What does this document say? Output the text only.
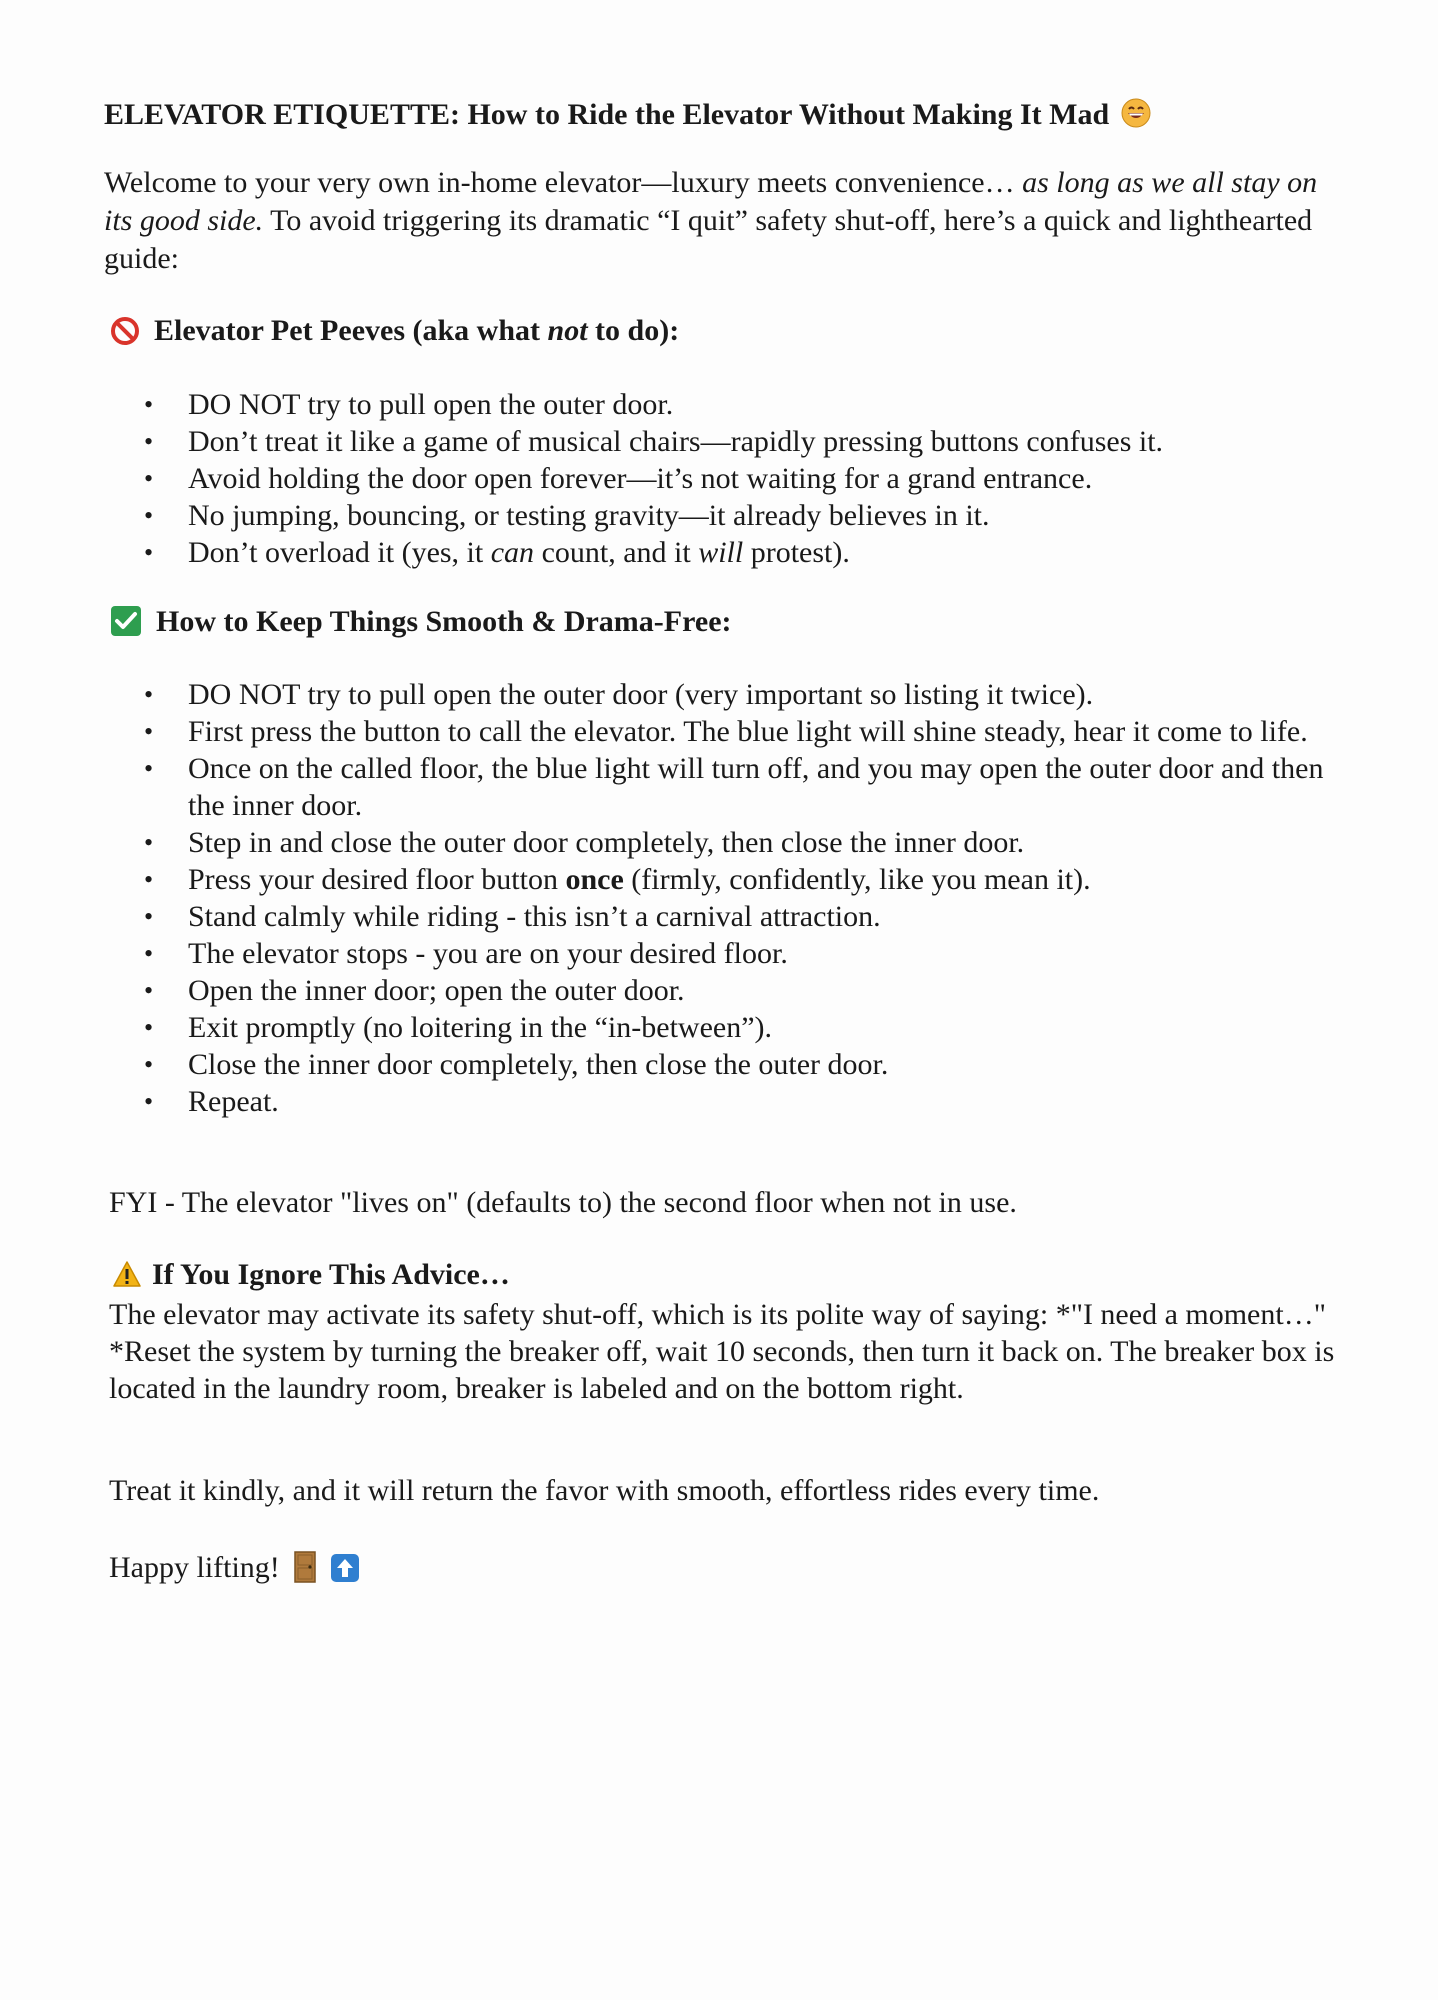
ELEVATOR ETIQUETTE: How to Ride the Elevator Without Making It Mad
Welcome to your very own in-home elevator—luxury meets convenience… as long as we all stay on its good side. To avoid triggering its dramatic “I quit” safety shut-off, here’s a quick and lighthearted guide:
Elevator Pet Peeves (aka what not to do):
• DO NOT try to pull open the outer door.
• Don’t treat it like a game of musical chairs—rapidly pressing buttons confuses it.
• Avoid holding the door open forever—it’s not waiting for a grand entrance.
• No jumping, bouncing, or testing gravity—it already believes in it.
• Don’t overload it (yes, it can count, and it will protest).
How to Keep Things Smooth & Drama-Free:
• DO NOT try to pull open the outer door (very important so listing it twice).
• First press the button to call the elevator. The blue light will shine steady, hear it come to life.
• Once on the called floor, the blue light will turn off, and you may open the outer door and then the inner door.
• Step in and close the outer door completely, then close the inner door.
• Press your desired floor button once (firmly, confidently, like you mean it).
• Stand calmly while riding - this isn’t a carnival attraction.
• The elevator stops - you are on your desired floor.
• Open the inner door; open the outer door.
• Exit promptly (no loitering in the “in-between”).
• Close the inner door completely, then close the outer door.
• Repeat.
FYI - The elevator "lives on" (defaults to) the second floor when not in use.
If You Ignore This Advice…
The elevator may activate its safety shut-off, which is its polite way of saying: *"I need a moment…" *Reset the system by turning the breaker off, wait 10 seconds, then turn it back on. The breaker box is located in the laundry room, breaker is labeled and on the bottom right.
Treat it kindly, and it will return the favor with smooth, effortless rides every time.
Happy lifting!
